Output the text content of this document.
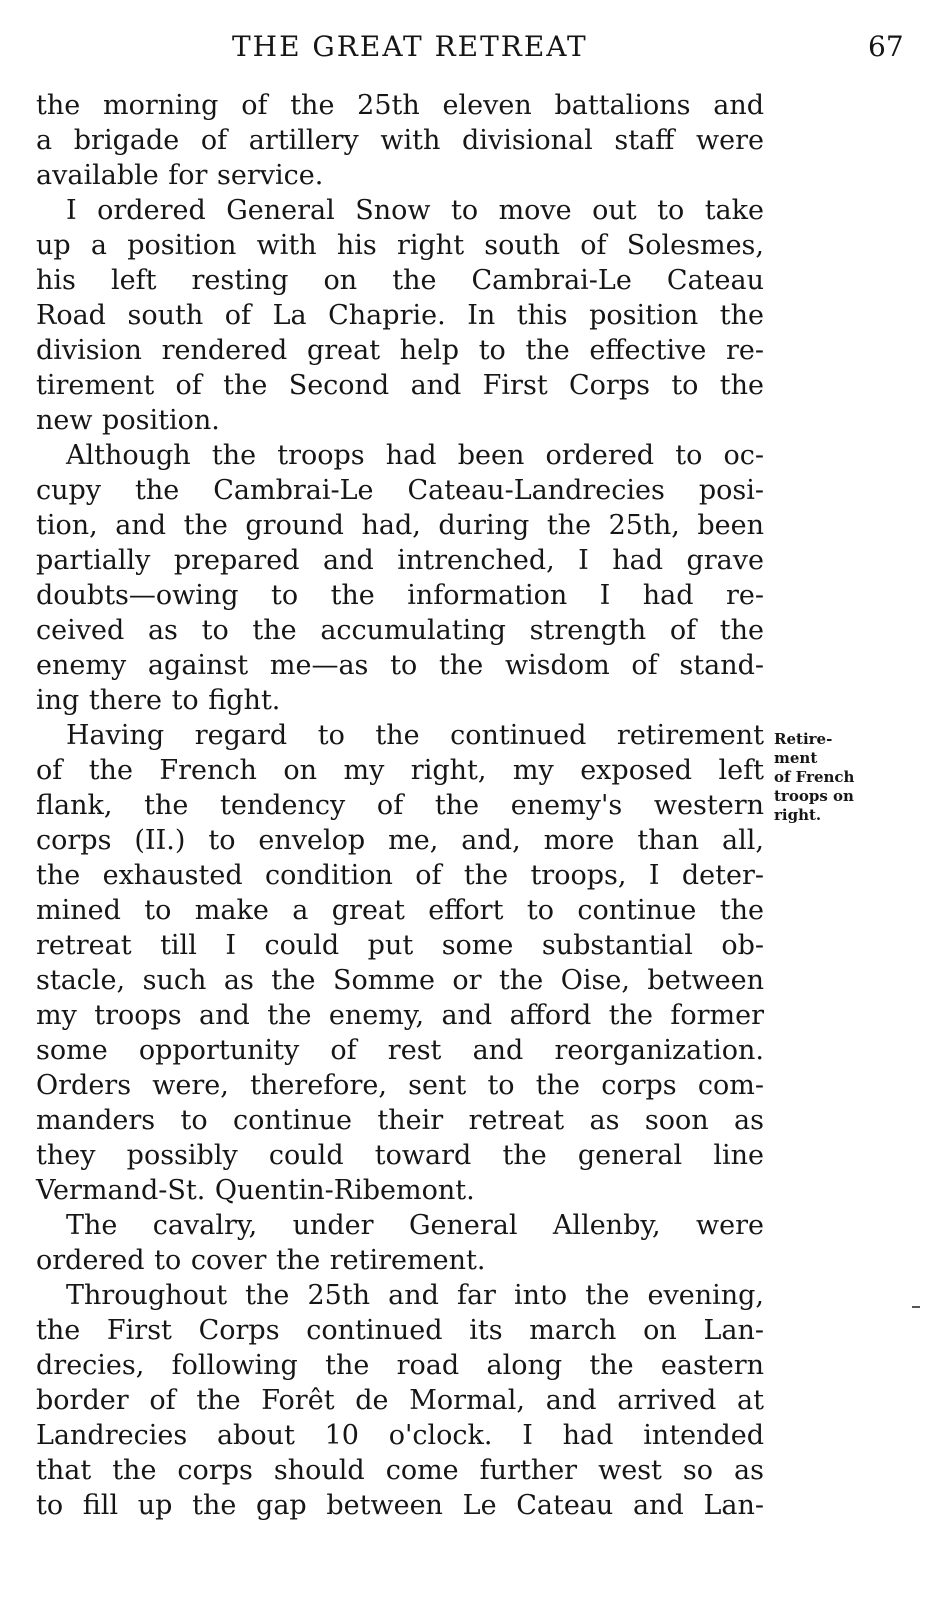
THE GREAT RETREAT	67
the morning of the 25th eleven battalions and
a brigade of artillery with divisional staff were
available for service.
I ordered General Snow to move out to take
up a position with his right south of Solesmes,
his left resting on the Cambrai-Le Cateau
Road south of La Chaprie. In this position the
division rendered great help to the effective re-
tirement of the Second and First Corps to the
new position.
Although the troops had been ordered to oc-
cupy the Cambrai-Le Cateau-Landrecies posi-
tion, and the ground had, during the 25th, been
partially prepared and intrenched, I had grave
doubts—owing to the information I had re-
ceived as to the accumulating strength of the
enemy against me—as to the wisdom of stand-
ing there to fight.
Having regard to the continued retirement
of the French on my right, my exposed left
flank, the tendency of the enemy's western
corps (II.) to envelop me, and, more than all,
the exhausted condition of the troops, I deter-
mined to make a great effort to continue the
retreat till I could put some substantial ob-
stacle, such as the Somme or the Oise, between
my troops and the enemy, and afford the former
some opportunity of rest and reorganization.
Orders were, therefore, sent to the corps com-
manders to continue their retreat as soon as
they possibly could toward the general line
Vermand-St. Quentin-Ribemont.
The cavalry, under General Allenby, were
ordered to cover the retirement.
Throughout the 25th and far into the evening,
the First Corps continued its march on Lan-
drecies, following the road along the eastern
border of the Forêt de Mormal, and arrived at
Landrecies about 10 o'clock. I had intended
that the corps should come further west so as
to fill up the gap between Le Cateau and Lan-
Retire-
ment
of French
troops on
right.
